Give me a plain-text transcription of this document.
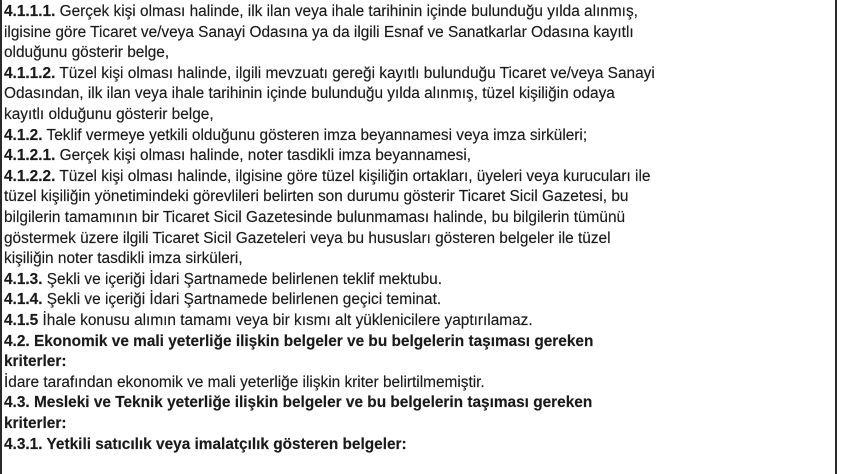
4.1.1.1. Gerçek kişi olması halinde, ilk ilan veya ihale tarihinin içinde bulunduğu yılda alınmış,
ilgisine göre Ticaret ve/veya Sanayi Odasına ya da ilgili Esnaf ve Sanatkarlar Odasına kayıtlı
olduğunu gösterir belge,
4.1.1.2. Tüzel kişi olması halinde, ilgili mevzuatı gereği kayıtlı bulunduğu Ticaret ve/veya Sanayi
Odasından, ilk ilan veya ihale tarihinin içinde bulunduğu yılda alınmış, tüzel kişiliğin odaya
kayıtlı olduğunu gösterir belge,
4.1.2. Teklif vermeye yetkili olduğunu gösteren imza beyannamesi veya imza sirküleri;
4.1.2.1. Gerçek kişi olması halinde, noter tasdikli imza beyannamesi,
4.1.2.2. Tüzel kişi olması halinde, ilgisine göre tüzel kişiliğin ortakları, üyeleri veya kurucuları ile
tüzel kişiliğin yönetimindeki görevlileri belirten son durumu gösterir Ticaret Sicil Gazetesi, bu
bilgilerin tamamının bir Ticaret Sicil Gazetesinde bulunmaması halinde, bu bilgilerin tümünü
göstermek üzere ilgili Ticaret Sicil Gazeteleri veya bu hususları gösteren belgeler ile tüzel
kişiliğin noter tasdikli imza sirküleri,
4.1.3. Şekli ve içeriği İdari Şartnamede belirlenen teklif mektubu.
4.1.4. Şekli ve içeriği İdari Şartnamede belirlenen geçici teminat.
4.1.5 İhale konusu alımın tamamı veya bir kısmı alt yüklenicilere yaptırılamaz.
4.2. Ekonomik ve mali yeterliğe ilişkin belgeler ve bu belgelerin taşıması gereken
kriterler:
İdare tarafından ekonomik ve mali yeterliğe ilişkin kriter belirtilmemiştir.
4.3. Mesleki ve Teknik yeterliğe ilişkin belgeler ve bu belgelerin taşıması gereken
kriterler:
4.3.1. Yetkili satıcılık veya imalatçılık gösteren belgeler:
